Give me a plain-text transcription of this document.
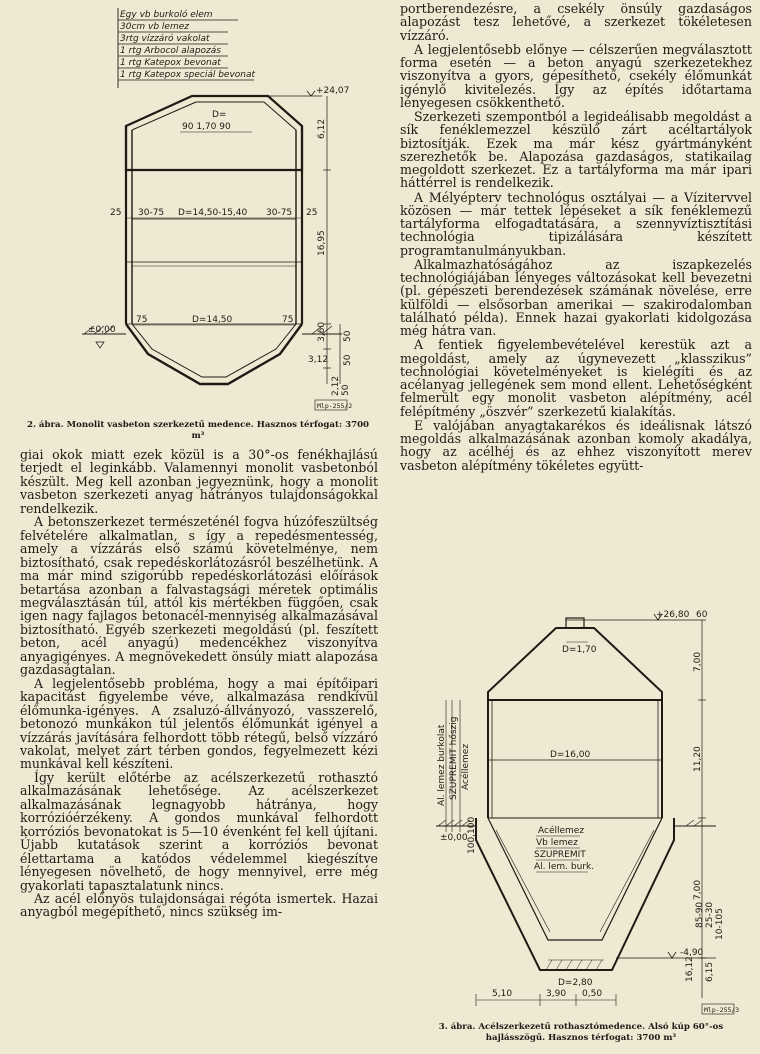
Egy vb burkoló elem
30cm vb lemez
3rtg vízzáró vakolat
1 rtg Arbocol alapozás
1 rtg Katepox bevonat
1 rtg Katepox speciál bevonat
+24,07
D=
90 1,70 90	6,12
25 30-75 D=14,50-15,40 30-75 25
16,95
±0,00
75	D=14,50	75
3,60 50
50
3,12
2,12 50
Mlp-255/2
2. ábra. Monolit vasbeton szerkezetű medence. Hasznos térfogat: 3700 m³

giai okok miatt ezek közül is a 30°-os fenékhajlású terjedt el leginkább. Valamennyi monolit vasbetonból készült. Meg kell azonban jegyeznünk, hogy a monolit vasbeton szerkezeti anyag hátrányos tulajdonságokkal rendelkezik.

A betonszerkezet természeténél fogva húzófeszültség felvételére alkalmatlan, s így a repedésmentesség, amely a vízzárás első számú követelménye, nem biztosítható, csak repedéskorlátozásról beszélhetünk. A ma már mind szigorúbb repedéskorlátozási előírások betartása azonban a falvastagsági méretek optimális megválasztásán túl, attól kis mértékben függően, csak igen nagy fajlagos betonacél-mennyiség alkalmazásával biztosítható. Egyéb szerkezeti megoldású (pl. feszített beton, acél anyagú) medencékhez viszonyítva anyagigényes. A megnövekedett önsúly miatt alapozása gazdaságtalan.

A legjelentősebb probléma, hogy a mai építőipari kapacitást figyelembe véve, alkalmazása rendkívül élőmunka-igényes. A zsaluzó-állványozó, vasszerelő, betonozó munkákon túl jelentős élőmunkát igényel a vízzárás javítására felhordott több rétegű, belső vízzáró vakolat, melyet zárt térben gondos, fegyelmezett kézi munkával kell készíteni.

Így került előtérbe az acélszerkezetű rothasztó alkalmazásának lehetősége. Az acélszerkezet alkalmazásának legnagyobb hátránya, hogy korrózióérzékeny. A gondos munkával felhordott korróziós bevonatokat is 5—10 évenként fel kell újítani. Újabb kutatások szerint a korróziós bevonat élettartama a katódos védelemmel kiegészítve lényegesen növelhető, de hogy mennyivel, erre még gyakorlati tapasztalatunk nincs.

Az acél előnyös tulajdonságai régóta ismertek. Hazai anyagból megépíthető, nincs szükség im-

portberendezésre, a csekély önsúly gazdaságos alapozást tesz lehetővé, a szerkezet tökéletesen vízzáró.

A legjelentősebb előnye — célszerűen megválasztott forma esetén — a beton anyagú szerkezetekhez viszonyítva a gyors, gépesíthető, csekély élőmunkát igénylő kivitelezés. Így az építés időtartama lényegesen csökkenthető.

Szerkezeti szempontból a legideálisabb megoldást a sík fenéklemezzel készülő zárt acéltartályok biztosítják. Ezek ma már kész gyártmányként szerezhetők be. Alapozása gazdaságos, statikailag megoldott szerkezet. Ez a tartályforma ma már ipari háttérrel is rendelkezik.

A Mélyépterv technológus osztályai — a Vízitervvel közösen — már tettek lépéseket a sík fenéklemezű tartályforma elfogadtatására, a szennyvíztisztítási technológia tipizálására készített programtanulmányukban.

Alkalmazhatóságához az iszapkezelés technológiájában lényeges változásokat kell bevezetni (pl. gépészeti berendezések számának növelése, erre külföldi — elsősorban amerikai — szakirodalomban található példa). Ennek hazai gyakorlati kidolgozása még hátra van.

A fentiek figyelembevételével kerestük azt a megoldást, amely az úgynevezett „klasszikus” technológiai követelményeket is kielégíti és az acélanyag jellegének sem mond ellent. Lehetőségként felmerült egy monolit vasbeton alépítmény, acél felépítmény „öszvér” szerkezetű kialakítás.

E valójában anyagtakarékos és ideálisnak látszó megoldás alkalmazásának azonban komoly akadálya, hogy az acélhéj és az ehhez viszonyított merev vasbeton alépítmény tökéletes együtt-

+26,80 60
D=1,70
7,00
Al. lemez burkolat SZUPREMIT hőszig Acéllemez	D=16,00	11,20
100,100	Acéllemez
Vb lemez
SZUPREMIT
Al. lem. burk.
±0,00
7,00
10-105
25-30
85-90
-4,90
16,12 6,15
D=2,80
5,10	3,90 0,50
Mlp-255/3
3. ábra. Acélszerkezetű rothasztómedence. Alsó kúp 60°-os hajlásszögű. Hasznos térfogat: 3700 m³
